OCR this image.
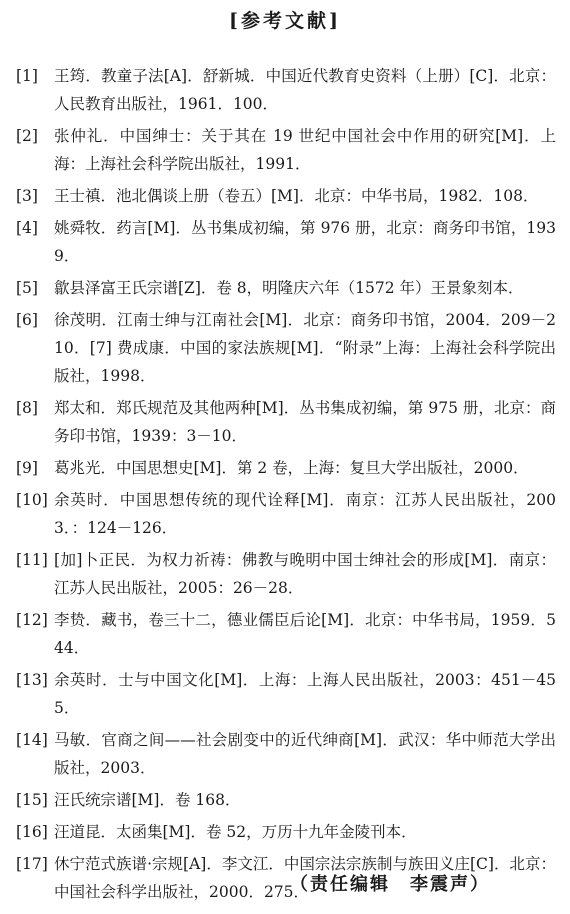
[参考文献]
[1]	王筠．教童子法[A]．舒新城．中国近代教育史资料（上册）[C]．北京：人民教育出版社，1961．100．
[2]	张仲礼．中国绅士：关于其在 19 世纪中国社会中作用的研究[M]．上海：上海社会科学院出版社，1991．
[3]	王士禛．池北偶谈上册（卷五）[M]．北京：中华书局，1982．108．
[4]	姚舜牧．药言[M]．丛书集成初编，第 976 册，北京：商务印书馆，1939．
[5]	歙县泽富王氏宗谱[Z]．卷 8，明隆庆六年（1572 年）王景象刻本．
[6]	徐茂明．江南士绅与江南社会[M]．北京：商务印书馆，2004．209－210．[7] 费成康．中国的家法族规[M]．“附录”上海：上海社会科学院出版社，1998．
[8]	郑太和．郑氏规范及其他两种[M]．丛书集成初编，第 975 册，北京：商务印书馆，1939：3－10．
[9]	葛兆光．中国思想史[M]．第 2 卷，上海：复旦大学出版社，2000．
[10] 余英时．中国思想传统的现代诠释[M]．南京：江苏人民出版社，2003．：124－126．
[11] [加]卜正民．为权力祈祷：佛教与晚明中国士绅社会的形成[M]．南京：江苏人民出版社，2005：26－28．
[12] 李贽．藏书，卷三十二，德业儒臣后论[M]．北京：中华书局，1959．544．
[13] 余英时．士与中国文化[M]．上海：上海人民出版社，2003：451－455．
[14] 马敏．官商之间——社会剧变中的近代绅商[M]．武汉：华中师范大学出版社，2003．
[15] 汪氏统宗谱[M]．卷 168．
[16] 汪道昆．太函集[M]．卷 52，万历十九年金陵刊本．
[17] 休宁范式族谱·宗规[A]．李文江．中国宗法宗族制与族田义庄[C]．北京：中国社会科学出版社，2000．275．
（责任编辑　李震声）
